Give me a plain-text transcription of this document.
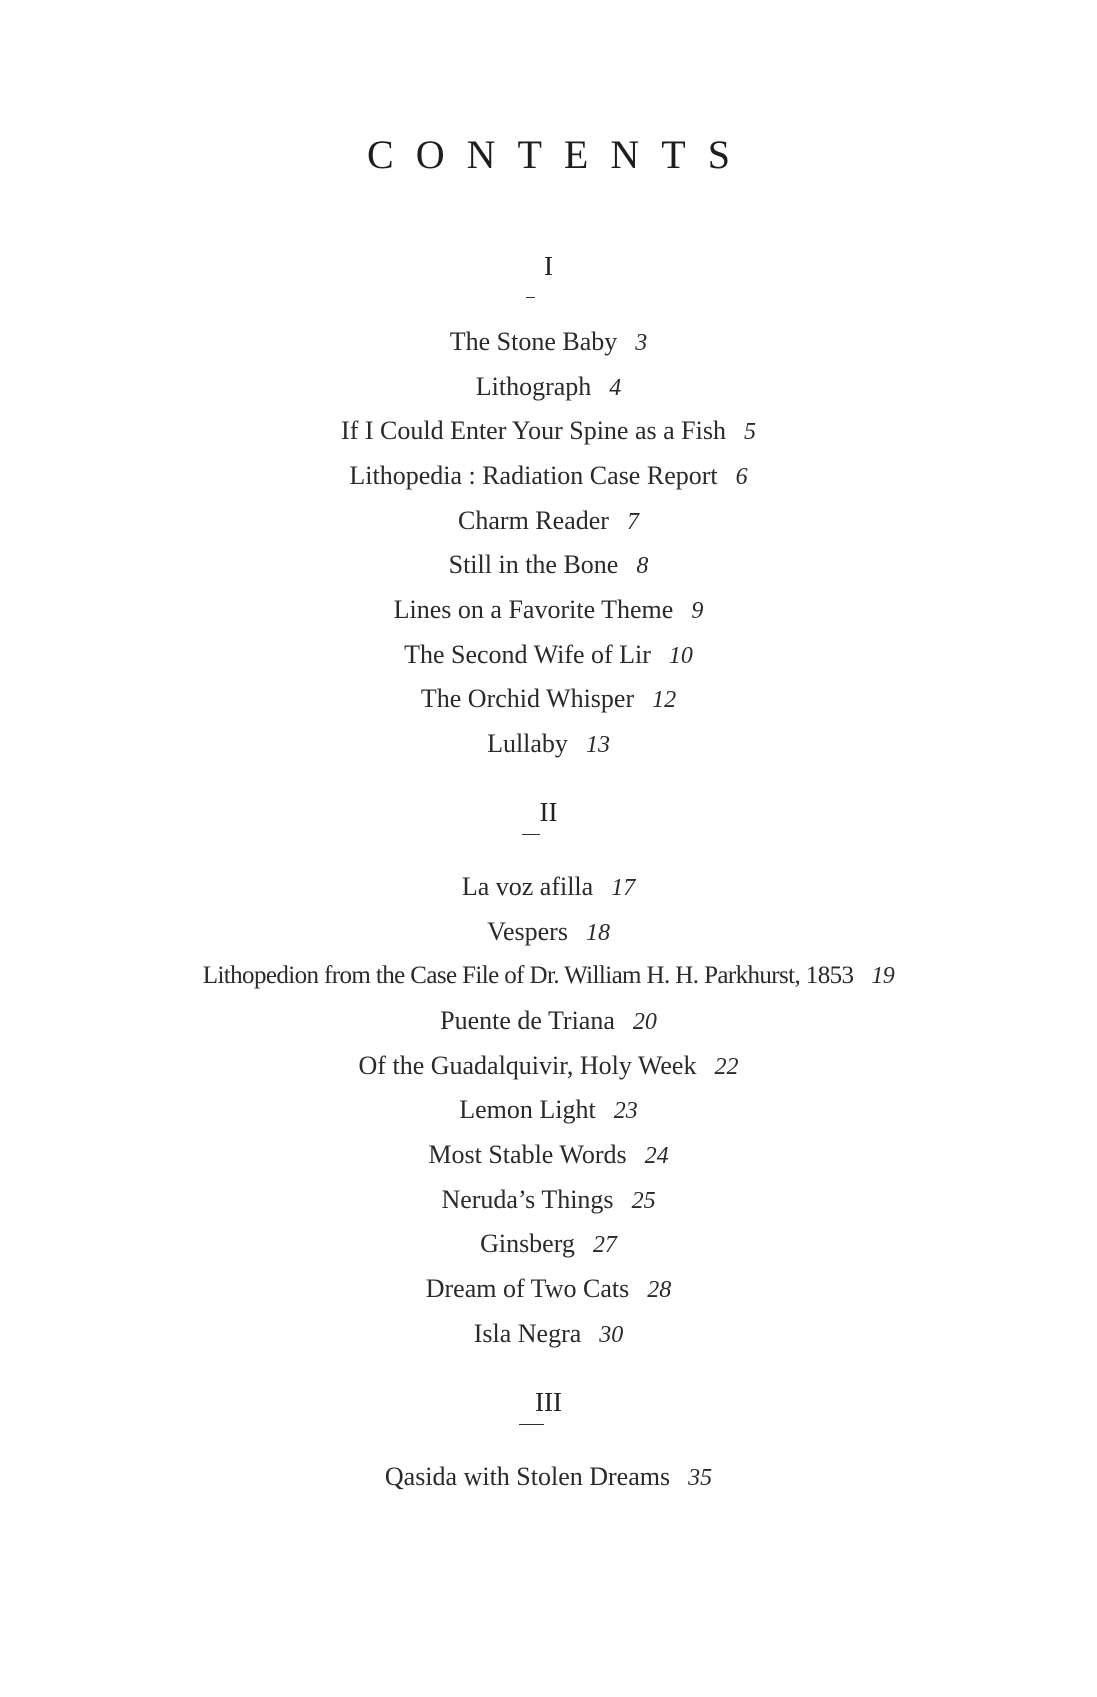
CONTENTS
I
The Stone Baby 3
Lithograph 4
If I Could Enter Your Spine as a Fish 5
Lithopedia : Radiation Case Report 6
Charm Reader 7
Still in the Bone 8
Lines on a Favorite Theme 9
The Second Wife of Lir 10
The Orchid Whisper 12
Lullaby 13
II
La voz afilla 17
Vespers 18
Lithopedion from the Case File of Dr. William H. H. Parkhurst, 1853 19
Puente de Triana 20
Of the Guadalquivir, Holy Week 22
Lemon Light 23
Most Stable Words 24
Neruda’s Things 25
Ginsberg 27
Dream of Two Cats 28
Isla Negra 30
III
Qasida with Stolen Dreams 35
